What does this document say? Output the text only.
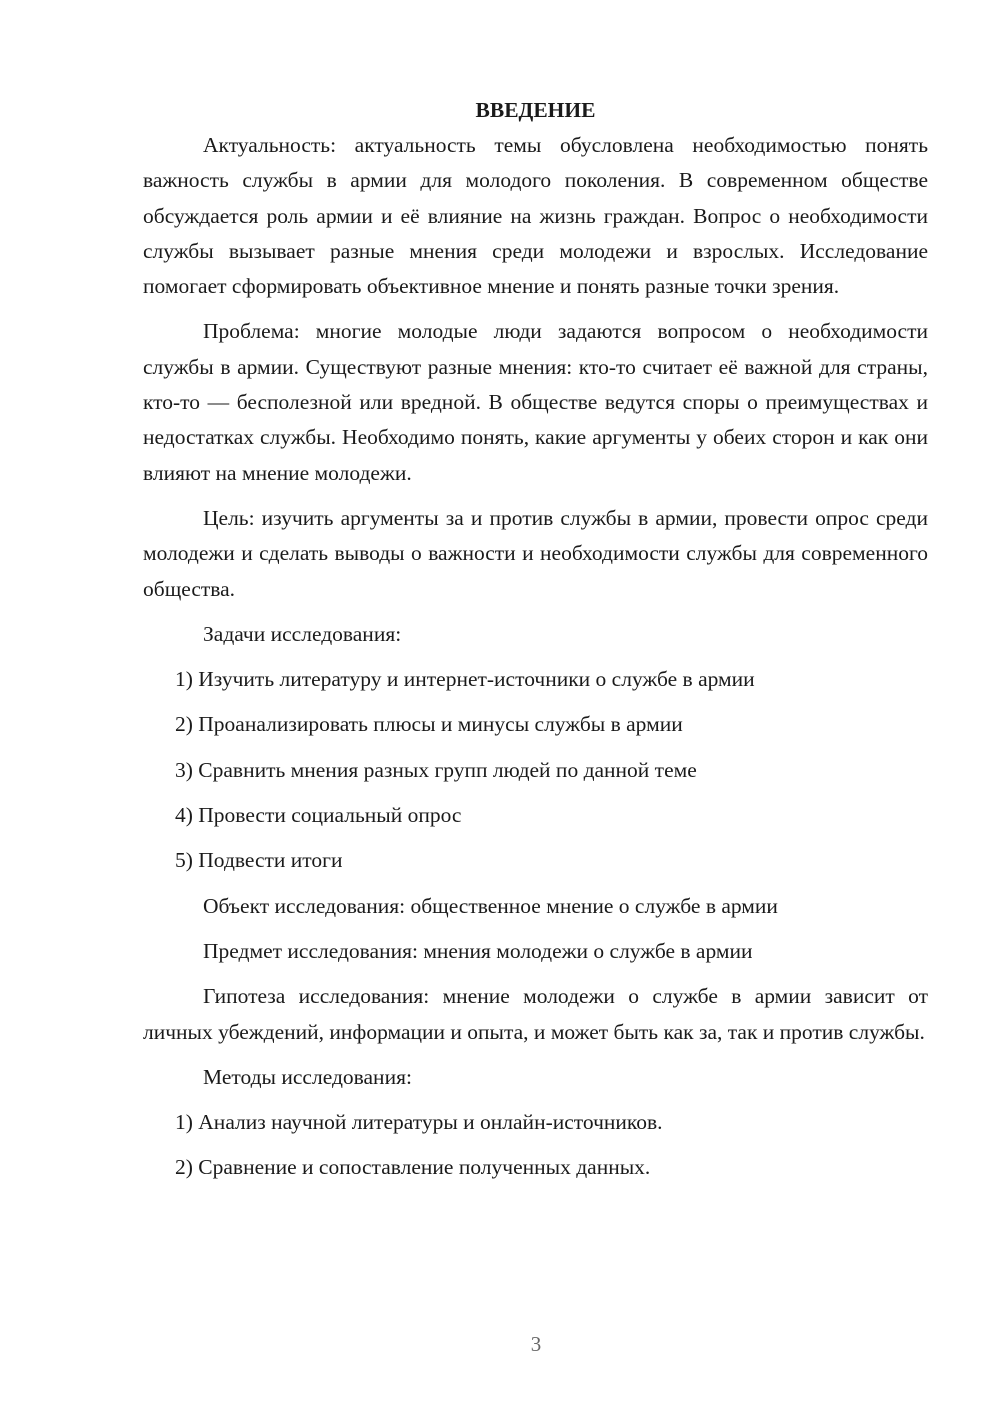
ВВЕДЕНИЕ

Актуальность: актуальность темы обусловлена необходимостью понять важность службы в армии для молодого поколения. В современном обществе обсуждается роль армии и её влияние на жизнь граждан. Вопрос о необходимости службы вызывает разные мнения среди молодежи и взрослых. Исследование помогает сформировать объективное мнение и понять разные точки зрения.

Проблема: многие молодые люди задаются вопросом о необходимости службы в армии. Существуют разные мнения: кто-то считает её важной для страны, кто-то — бесполезной или вредной. В обществе ведутся споры о преимуществах и недостатках службы. Необходимо понять, какие аргументы у обеих сторон и как они влияют на мнение молодежи.

Цель: изучить аргументы за и против службы в армии, провести опрос среди молодежи и сделать выводы о важности и необходимости службы для современного общества.

Задачи исследования:
1) Изучить литературу и интернет-источники о службе в армии
2) Проанализировать плюсы и минусы службы в армии
3) Сравнить мнения разных групп людей по данной теме
4) Провести социальный опрос
5) Подвести итоги
Объект исследования: общественное мнение о службе в армии
Предмет исследования: мнения молодежи о службе в армии

Гипотеза исследования: мнение молодежи о службе в армии зависит от личных убеждений, информации и опыта, и может быть как за, так и против службы.

Методы исследования:
1) Анализ научной литературы и онлайн-источников.
2) Сравнение и сопоставление полученных данных.
3
